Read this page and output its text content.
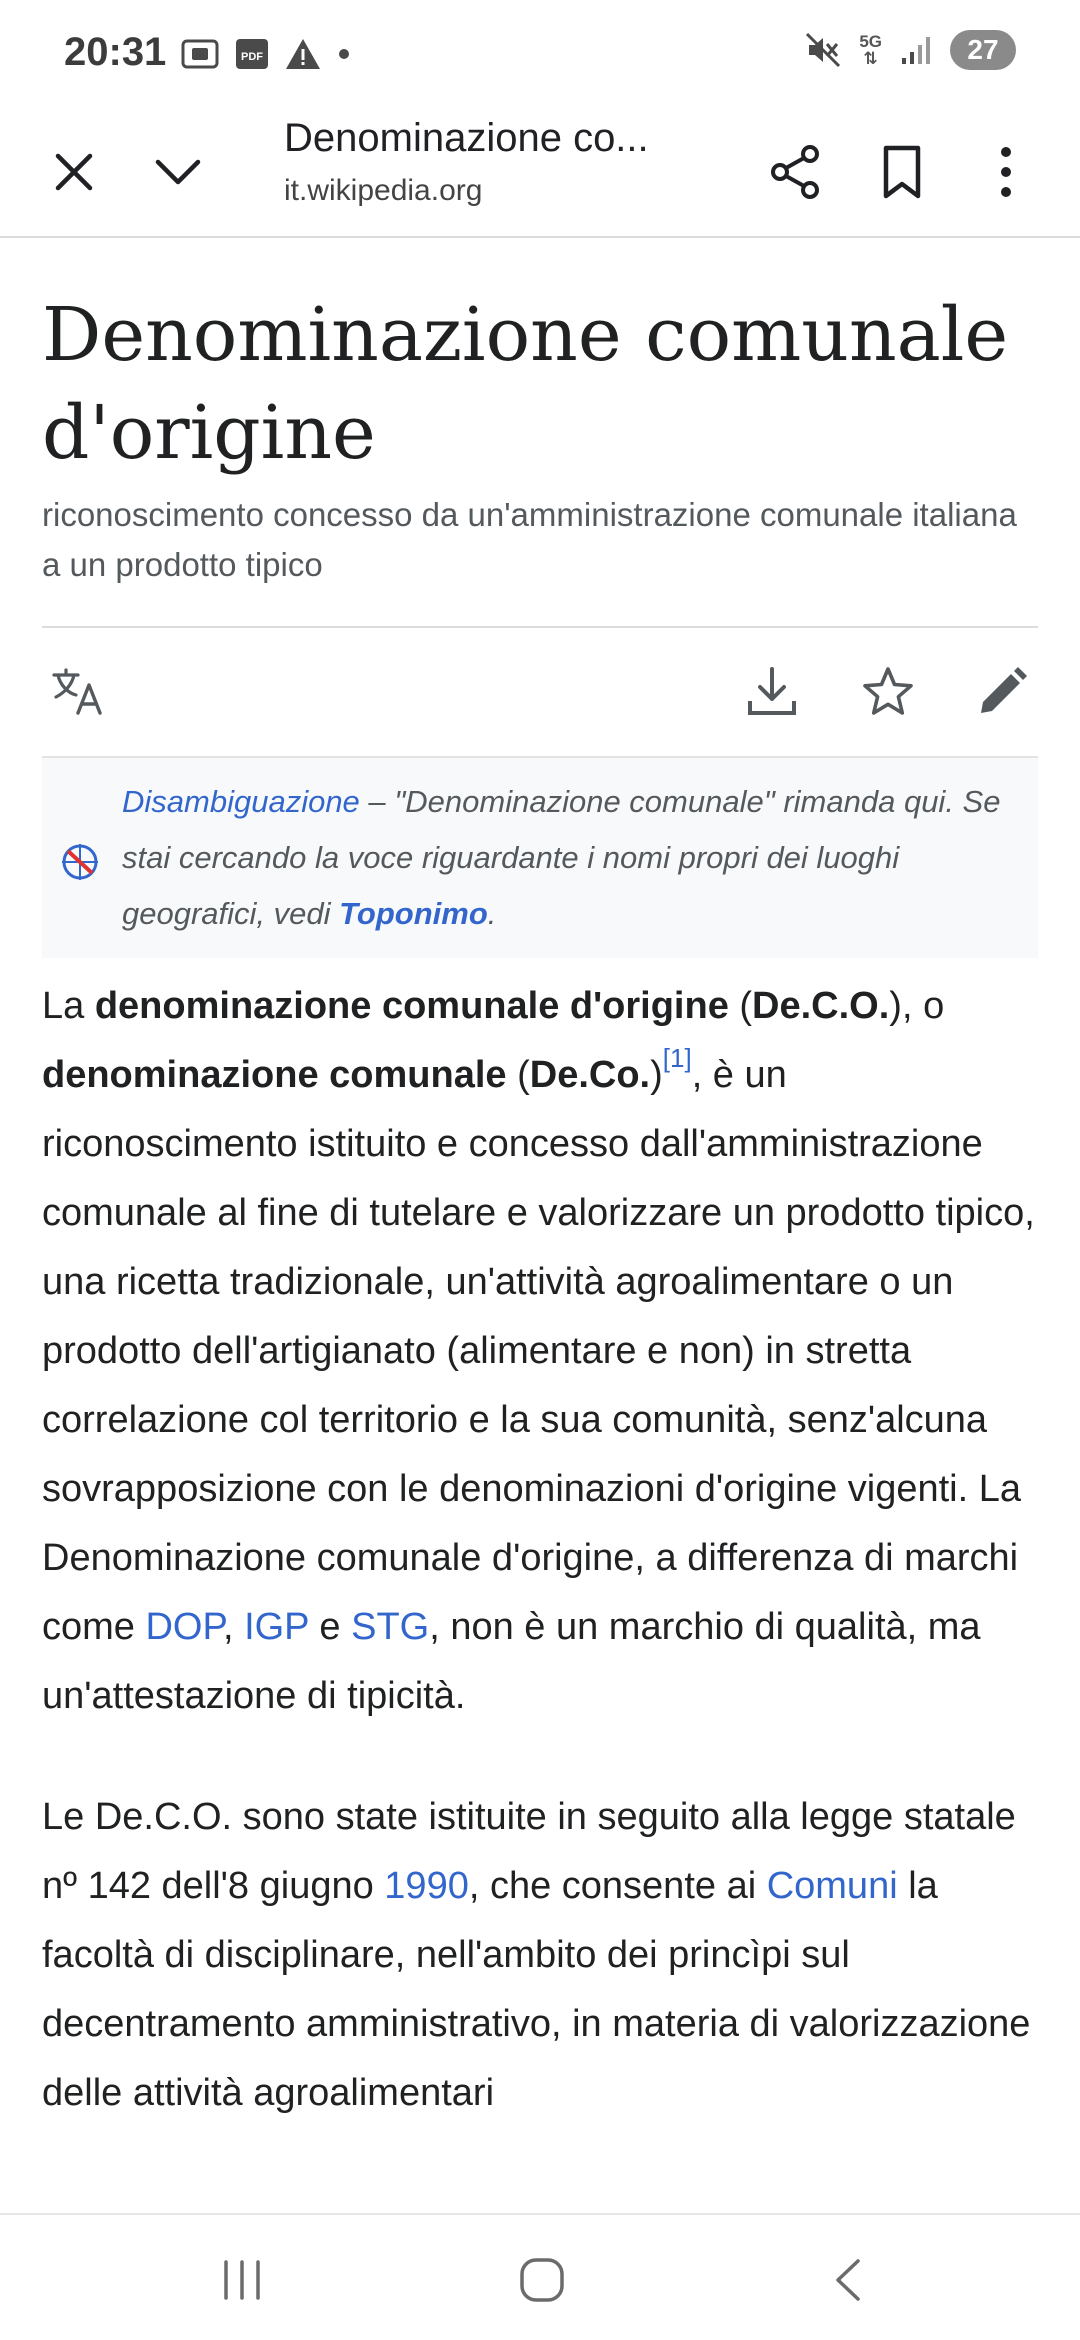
20:31	PDF
5G
⇅	27
Denominazione co...
it.wikipedia.org
Denominazione comunale
d'origine
riconoscimento concesso da un'amministrazione comunale italiana a un prodotto tipico
Disambiguazione – "Denominazione comunale" rimanda qui. Se stai cercando la voce riguardante i nomi propri dei luoghi geografici, vedi Toponimo.

La denominazione comunale d'origine (De.C.O.), o denominazione comunale (De.Co.)[1], è un riconoscimento istituito e concesso dall'amministrazione comunale al fine di tutelare e valorizzare un prodotto tipico, una ricetta tradizionale, un'attività agroalimentare o un prodotto dell'artigianato (alimentare e non) in stretta correlazione col territorio e la sua comunità, senz'alcuna sovrapposizione con le denominazioni d'origine vigenti. La Denominazione comunale d'origine, a differenza di marchi come DOP, IGP e STG, non è un marchio di qualità, ma un'attestazione di tipicità.

Le De.C.O. sono state istituite in seguito alla legge statale nº 142 dell'8 giugno 1990, che consente ai Comuni la facoltà di disciplinare, nell'ambito dei princìpi sul decentramento amministrativo, in materia di valorizzazione delle attività agroalimentari
